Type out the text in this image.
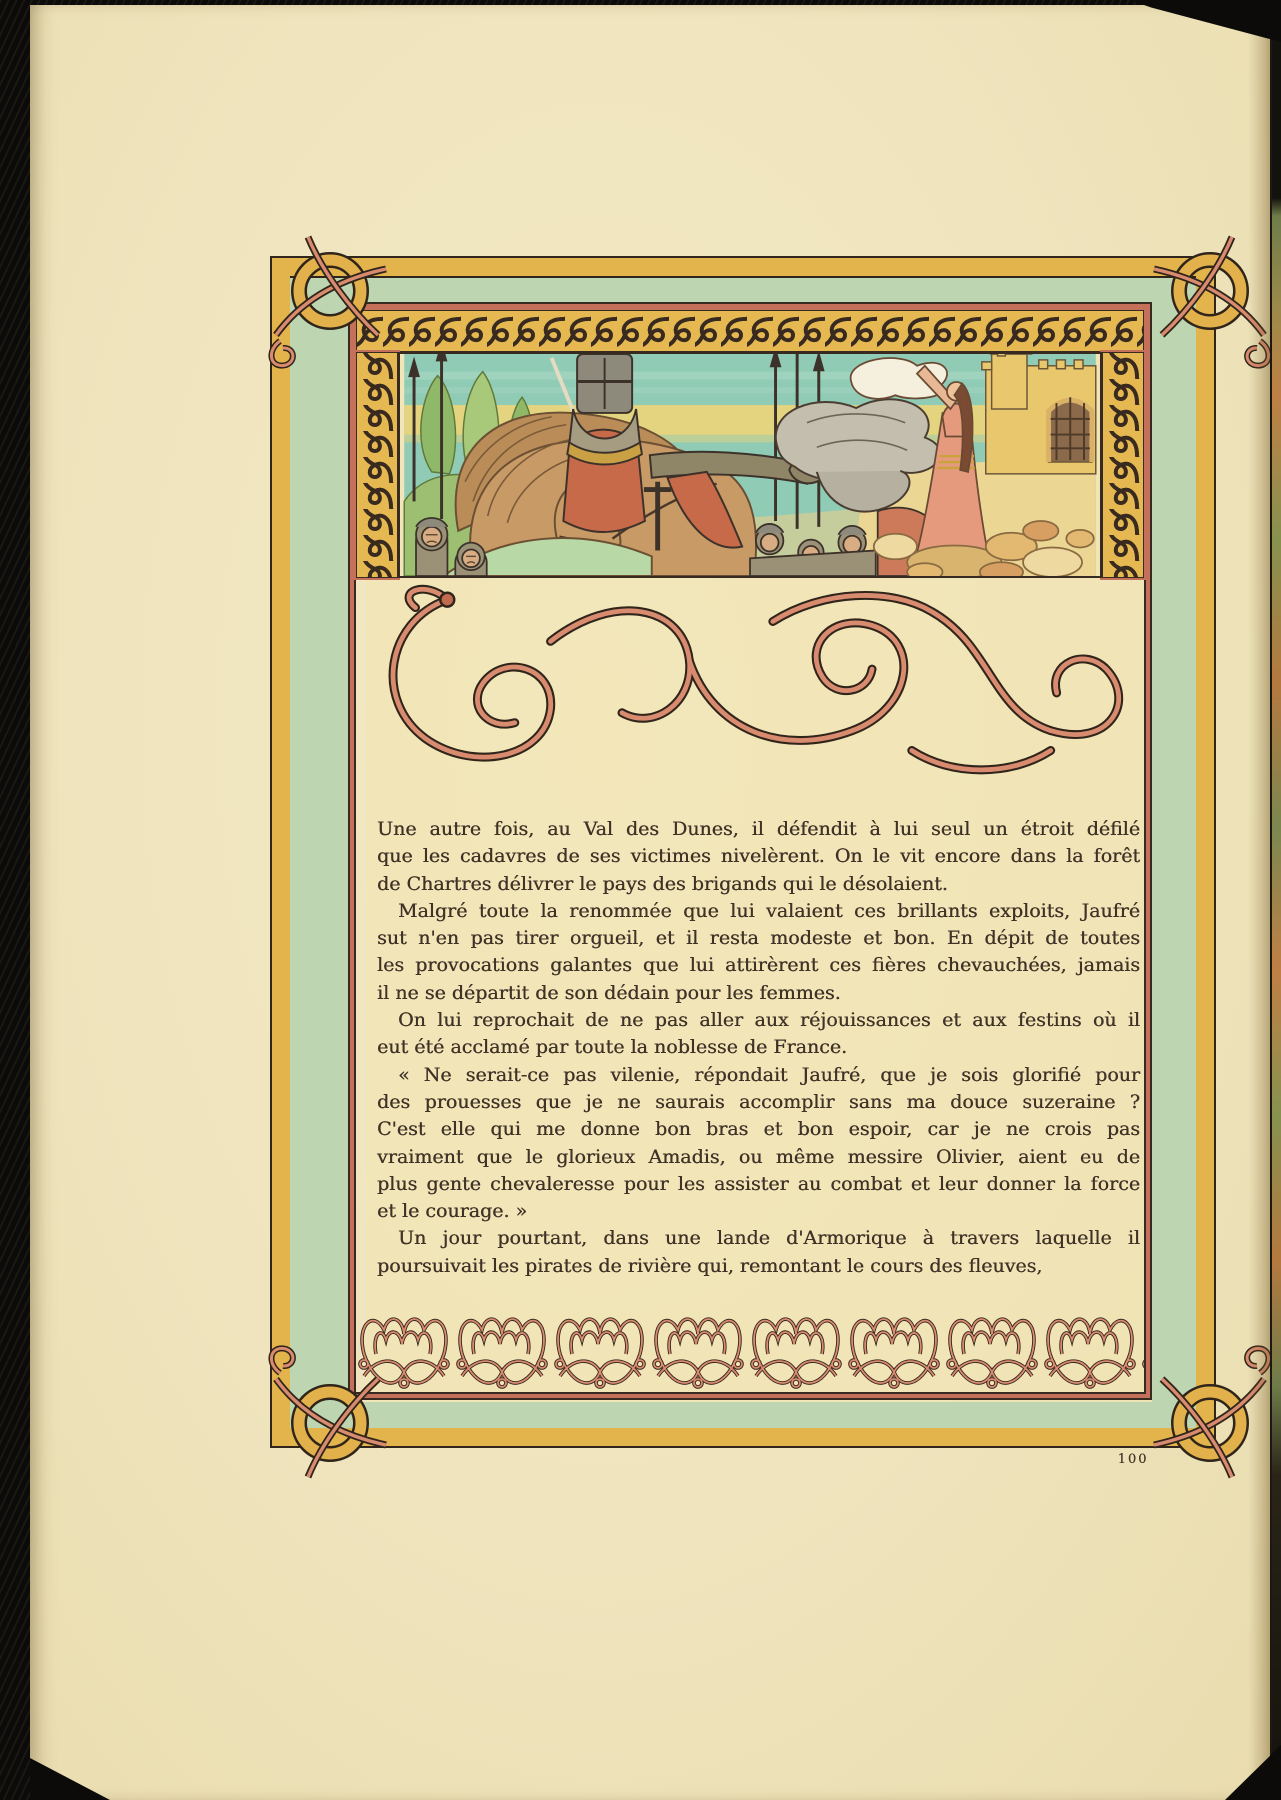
Une autre fois, au Val des Dunes, il défendit à lui seul un étroit défilé
que les cadavres de ses victimes nivelèrent. On le vit encore dans la forêt
de Chartres délivrer le pays des brigands qui le désolaient.
Malgré toute la renommée que lui valaient ces brillants exploits, Jaufré
sut n'en pas tirer orgueil, et il resta modeste et bon. En dépit de toutes
les provocations galantes que lui attirèrent ces fières chevauchées, jamais
il ne se départit de son dédain pour les femmes.
On lui reprochait de ne pas aller aux réjouissances et aux festins où il
eut été acclamé par toute la noblesse de France.
« Ne serait-ce pas vilenie, répondait Jaufré, que je sois glorifié pour
des prouesses que je ne saurais accomplir sans ma douce suzeraine ?
C'est elle qui me donne bon bras et bon espoir, car je ne crois pas
vraiment que le glorieux Amadis, ou même messire Olivier, aient eu de
plus gente chevaleresse pour les assister au combat et leur donner la force
et le courage. »
Un jour pourtant, dans une lande d'Armorique à travers laquelle il
poursuivait les pirates de rivière qui, remontant le cours des fleuves,
100
